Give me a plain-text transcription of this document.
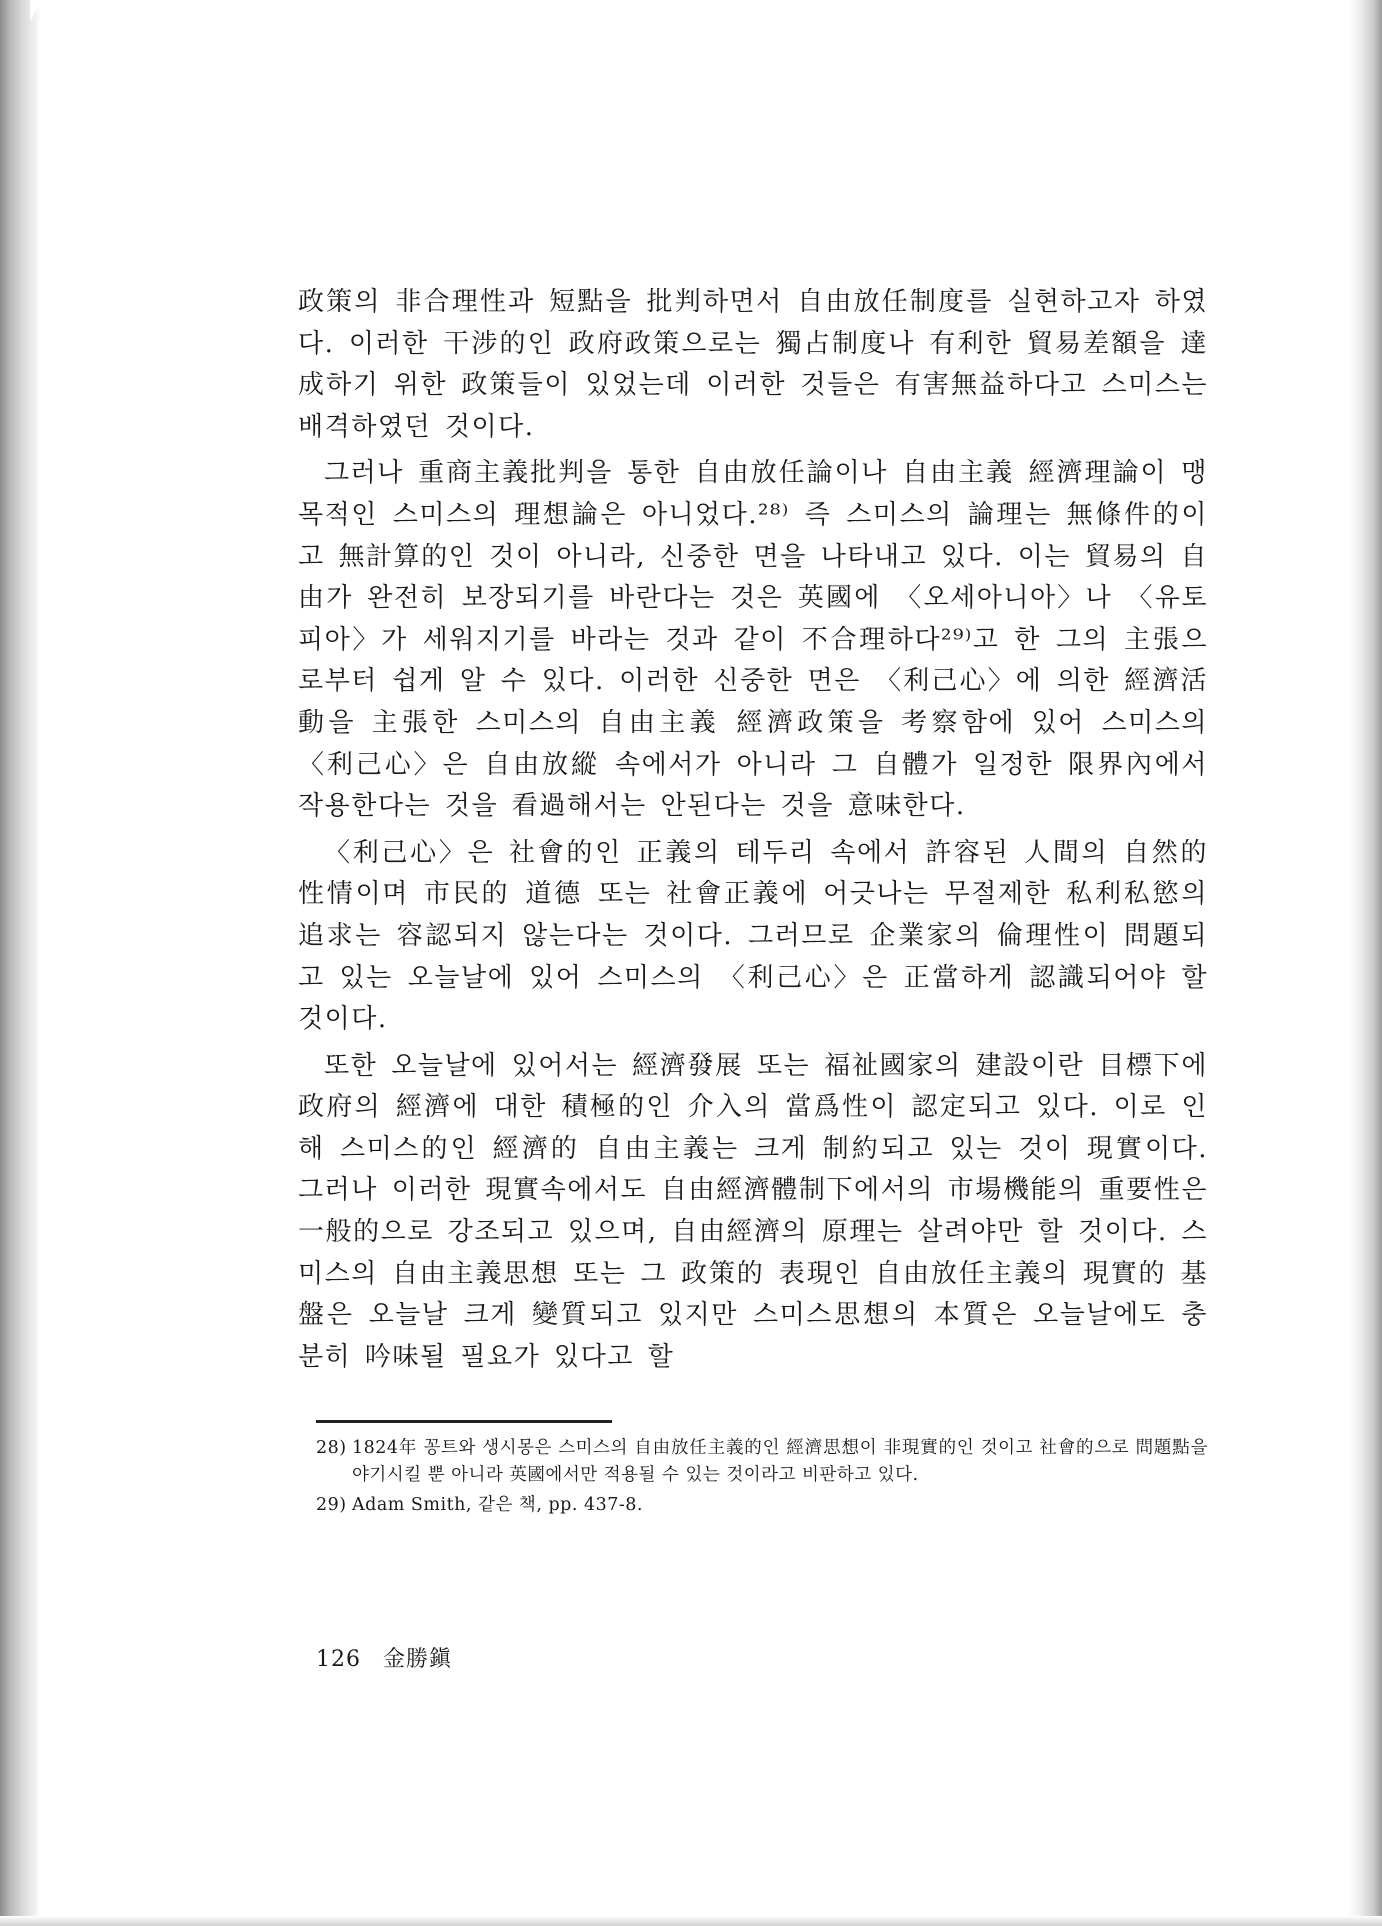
政策의 非合理性과 短點을 批判하면서 自由放任制度를 실현하고자 하였다. 이러한 干涉的인 政府政策으로는 獨占制度나 有利한 貿易差額을 達成하기 위한 政策들이 있었는데 이러한 것들은 有害無益하다고 스미스는 배격하였던 것이다.

그러나 重商主義批判을 통한 自由放任論이나 自由主義 經濟理論이 맹목적인 스미스의 理想論은 아니었다.²⁸⁾ 즉 스미스의 論理는 無條件的이고 無計算的인 것이 아니라, 신중한 면을 나타내고 있다. 이는 貿易의 自由가 완전히 보장되기를 바란다는 것은 英國에 〈오세아니아〉나 〈유토피아〉가 세워지기를 바라는 것과 같이 不合理하다²⁹⁾고 한 그의 主張으로부터 쉽게 알 수 있다. 이러한 신중한 면은 〈利己心〉에 의한 經濟活動을 主張한 스미스의 自由主義 經濟政策을 考察함에 있어 스미스의 〈利己心〉은 自由放縱 속에서가 아니라 그 自體가 일정한 限界內에서 작용한다는 것을 看過해서는 안된다는 것을 意味한다.

〈利己心〉은 社會的인 正義의 테두리 속에서 許容된 人間의 自然的 性情이며 市民的 道德 또는 社會正義에 어긋나는 무절제한 私利私慾의 追求는 容認되지 않는다는 것이다. 그러므로 企業家의 倫理性이 問題되고 있는 오늘날에 있어 스미스의 〈利己心〉은 正當하게 認識되어야 할 것이다.

또한 오늘날에 있어서는 經濟發展 또는 福祉國家의 建設이란 目標下에 政府의 經濟에 대한 積極的인 介入의 當爲性이 認定되고 있다. 이로 인해 스미스的인 經濟的 自由主義는 크게 制約되고 있는 것이 現實이다. 그러나 이러한 現實속에서도 自由經濟體制下에서의 市場機能의 重要性은 一般的으로 강조되고 있으며, 自由經濟의 原理는 살려야만 할 것이다. 스미스의 自由主義思想 또는 그 政策的 表現인 自由放任主義의 現實的 基盤은 오늘날 크게 變質되고 있지만 스미스思想의 本質은 오늘날에도 충분히 吟味될 필요가 있다고 할

28) 1824年 꽁트와 생시몽은 스미스의 自由放任主義的인 經濟思想이 非現實的인 것이고 社會的으로 問題點을 야기시킬 뿐 아니라 英國에서만 적용될 수 있는 것이라고 비판하고 있다.
29) Adam Smith, 같은 책, pp. 437-8.
126 金勝鎭
